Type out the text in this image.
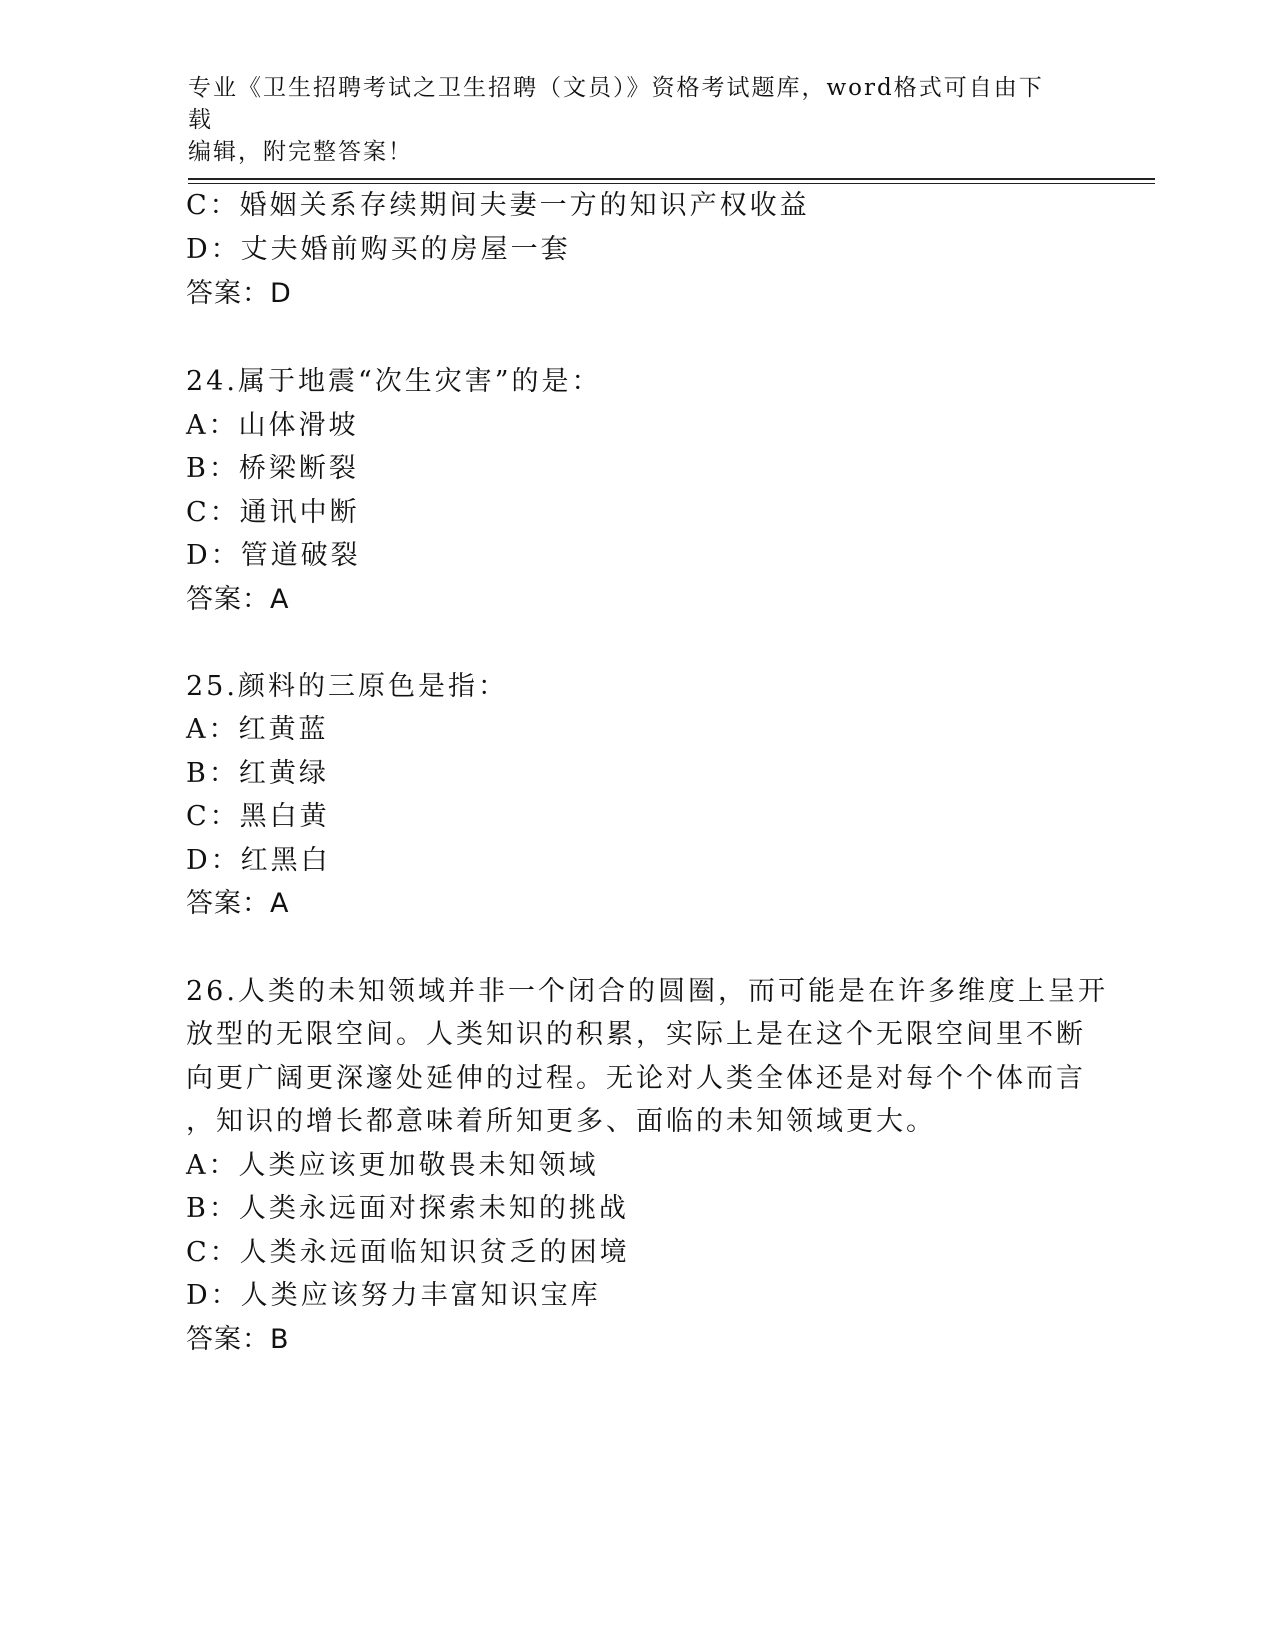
专业《卫生招聘考试之卫生招聘（文员）》资格考试题库，word格式可自由下载
编辑，附完整答案！
C：婚姻关系存续期间夫妻一方的知识产权收益
D：丈夫婚前购买的房屋一套
答案：D
24.属于地震“次生灾害”的是：
A：山体滑坡
B：桥梁断裂
C：通讯中断
D：管道破裂
答案：A
25.颜料的三原色是指：
A：红黄蓝
B：红黄绿
C：黑白黄
D：红黑白
答案：A
26.人类的未知领域并非一个闭合的圆圈，而可能是在许多维度上呈开
放型的无限空间。人类知识的积累，实际上是在这个无限空间里不断
向更广阔更深邃处延伸的过程。无论对人类全体还是对每个个体而言
，知识的增长都意味着所知更多、面临的未知领域更大。
A：人类应该更加敬畏未知领域
B：人类永远面对探索未知的挑战
C：人类永远面临知识贫乏的困境
D：人类应该努力丰富知识宝库
答案：B
